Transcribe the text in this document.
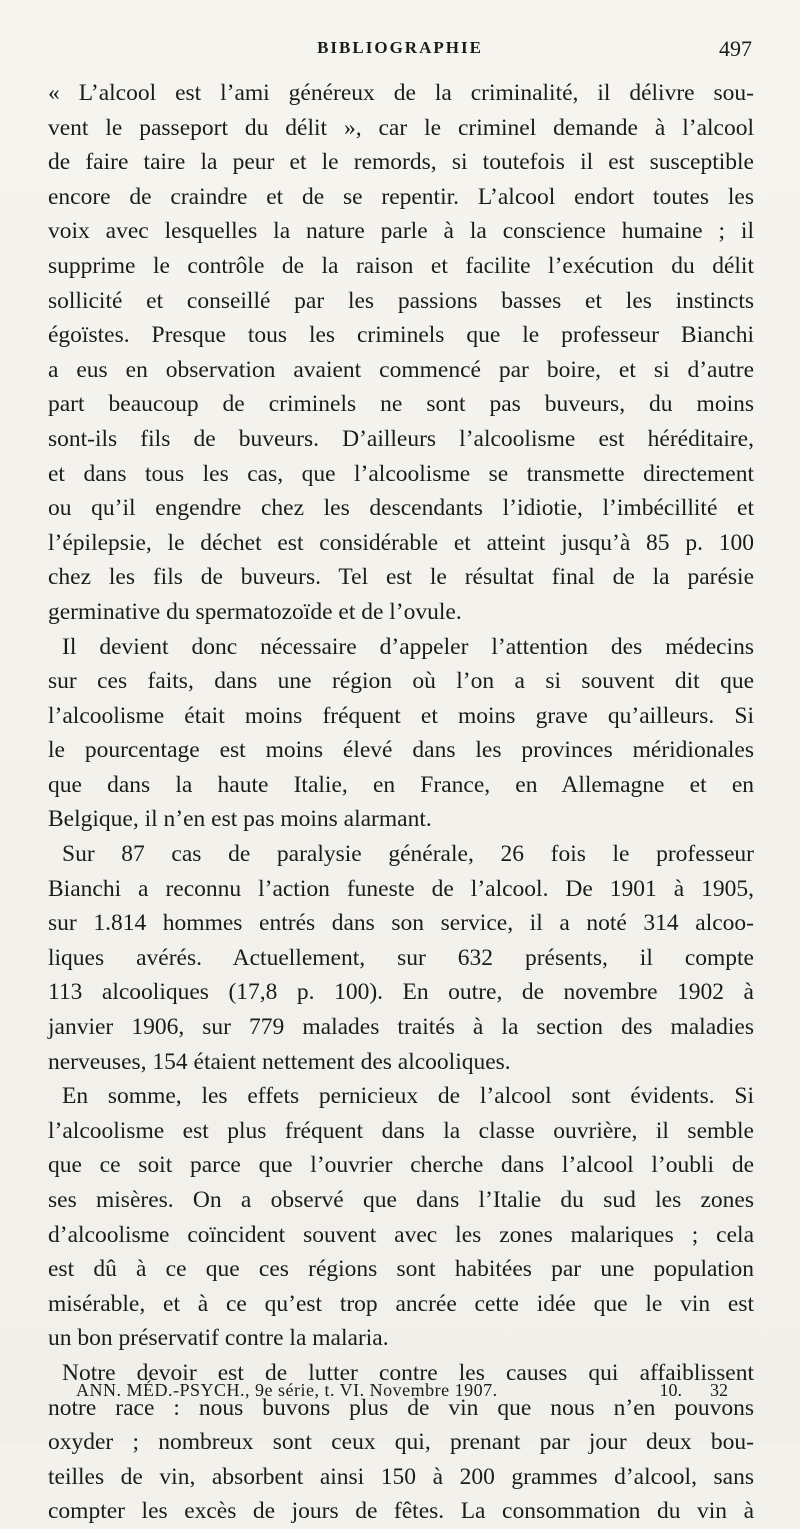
BIBLIOGRAPHIE	497
« L’alcool est l’ami généreux de la criminalité, il délivre sou-
vent le passeport du délit », car le criminel demande à l’alcool
de faire taire la peur et le remords, si toutefois il est susceptible
encore de craindre et de se repentir. L’alcool endort toutes les
voix avec lesquelles la nature parle à la conscience humaine ; il
supprime le contrôle de la raison et facilite l’exécution du délit
sollicité et conseillé par les passions basses et les instincts
égoïstes. Presque tous les criminels que le professeur Bianchi
a eus en observation avaient commencé par boire, et si d’autre
part beaucoup de criminels ne sont pas buveurs, du moins
sont-ils fils de buveurs. D’ailleurs l’alcoolisme est héréditaire,
et dans tous les cas, que l’alcoolisme se transmette directement
ou qu’il engendre chez les descendants l’idiotie, l’imbécillité et
l’épilepsie, le déchet est considérable et atteint jusqu’à 85 p. 100
chez les fils de buveurs. Tel est le résultat final de la parésie
germinative du spermatozoïde et de l’ovule.
Il devient donc nécessaire d’appeler l’attention des médecins
sur ces faits, dans une région où l’on a si souvent dit que
l’alcoolisme était moins fréquent et moins grave qu’ailleurs. Si
le pourcentage est moins élevé dans les provinces méridionales
que dans la haute Italie, en France, en Allemagne et en
Belgique, il n’en est pas moins alarmant.
Sur 87 cas de paralysie générale, 26 fois le professeur
Bianchi a reconnu l’action funeste de l’alcool. De 1901 à 1905,
sur 1.814 hommes entrés dans son service, il a noté 314 alcoo-
liques avérés. Actuellement, sur 632 présents, il compte
113 alcooliques (17,8 p. 100). En outre, de novembre 1902 à
janvier 1906, sur 779 malades traités à la section des maladies
nerveuses, 154 étaient nettement des alcooliques.
En somme, les effets pernicieux de l’alcool sont évidents. Si
l’alcoolisme est plus fréquent dans la classe ouvrière, il semble
que ce soit parce que l’ouvrier cherche dans l’alcool l’oubli de
ses misères. On a observé que dans l’Italie du sud les zones
d’alcoolisme coïncident souvent avec les zones malariques ; cela
est dû à ce que ces régions sont habitées par une population
misérable, et à ce qu’est trop ancrée cette idée que le vin est
un bon préservatif contre la malaria.
Notre devoir est de lutter contre les causes qui affaiblissent
notre race : nous buvons plus de vin que nous n’en pouvons
oxyder ; nombreux sont ceux qui, prenant par jour deux bou-
teilles de vin, absorbent ainsi 150 à 200 grammes d’alcool, sans
compter les excès de jours de fêtes. La consommation du vin à
ANN. MÉD.-PSYCH., 9e série, t. VI. Novembre 1907.	10. 32
